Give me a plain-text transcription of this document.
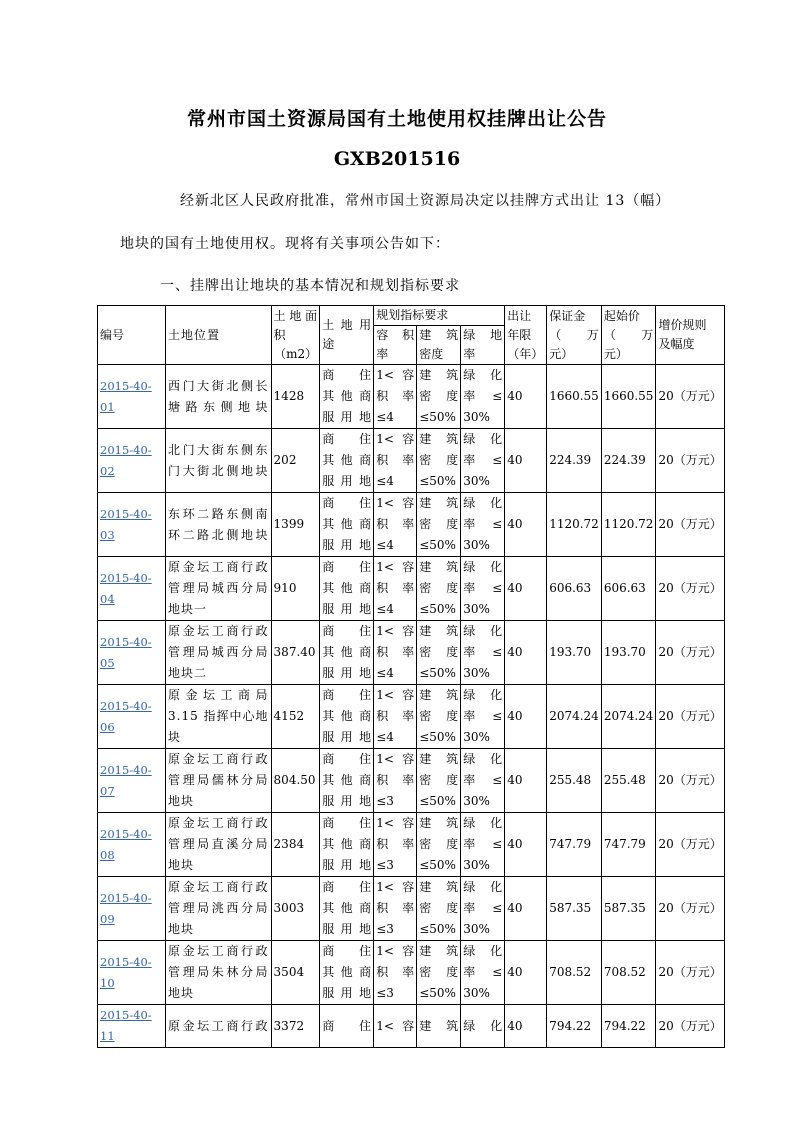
常州市国土资源局国有土地使用权挂牌出让公告
GXB201516
经新北区人民政府批准，常州市国土资源局决定以挂牌方式出让 13（幅）
地块的国有土地使用权。现将有关事项公告如下：
一、挂牌出让地块的基本情况和规划指标要求
编号	土地位置	土 地 面
积
（m2）	土 地 用 途	规划指标要求			出让
年限
（年）	保证金
（　万
元）	起始价
（　万
元）	增价规则
及幅度

				容　积
率	建　筑
密度	绿　地
率				

2015-40-01	西门大街北侧长
塘路东侧地块	1428	商住
其 他 商
服用地	1< 容
积　率
≤4	建　筑
密　度
≤50%	绿　化
率　≤
30%	40	1660.55	1660.55	20（万元）
2015-40-02	北门大街东侧东
门大街北侧地块	202	商住
其 他 商
服用地	1< 容
积　率
≤4	建　筑
密　度
≤50%	绿　化
率　≤
30%	40	224.39	224.39	20（万元）
2015-40-03	东环二路东侧南
环二路北侧地块	1399	商住
其 他 商
服用地	1< 容
积　率
≤4	建　筑
密　度
≤50%	绿　化
率　≤
30%	40	1120.72	1120.72	20（万元）
2015-40-04	原金坛工商行政
管理局城西分局
地块一	910	商住
其 他 商
服用地	1< 容
积　率
≤4	建　筑
密　度
≤50%	绿　化
率　≤
30%	40	606.63	606.63	20（万元）
2015-40-05	原金坛工商行政
管理局城西分局
地块二	387.40	商住
其 他 商
服用地	1< 容
积　率
≤4	建　筑
密　度
≤50%	绿　化
率　≤
30%	40	193.70	193.70	20（万元）
2015-40-06	原金坛工商局
3.15 指挥中心地
块	4152	商住
其 他 商
服用地	1< 容
积　率
≤4	建　筑
密　度
≤50%	绿　化
率　≤
30%	40	2074.24	2074.24	20（万元）
2015-40-07	原金坛工商行政
管理局儒林分局
地块	804.50	商住
其 他 商
服用地	1< 容
积　率
≤3	建　筑
密　度
≤50%	绿　化
率　≤
30%	40	255.48	255.48	20（万元）
2015-40-08	原金坛工商行政
管理局直溪分局
地块	2384	商住
其 他 商
服用地	1< 容
积　率
≤3	建　筑
密　度
≤50%	绿　化
率　≤
30%	40	747.79	747.79	20（万元）
2015-40-09	原金坛工商行政
管理局洮西分局
地块	3003	商住
其 他 商
服用地	1< 容
积　率
≤3	建　筑
密　度
≤50%	绿　化
率　≤
30%	40	587.35	587.35	20（万元）
2015-40-10	原金坛工商行政
管理局朱林分局
地块	3504	商住
其 他 商
服用地	1< 容
积　率
≤3	建　筑
密　度
≤50%	绿　化
率　≤
30%	40	708.52	708.52	20（万元）
2015-40-11	原金坛工商行政	3372	商住	1< 容	建　筑	绿　化	40	794.22	794.22	20（万元）
